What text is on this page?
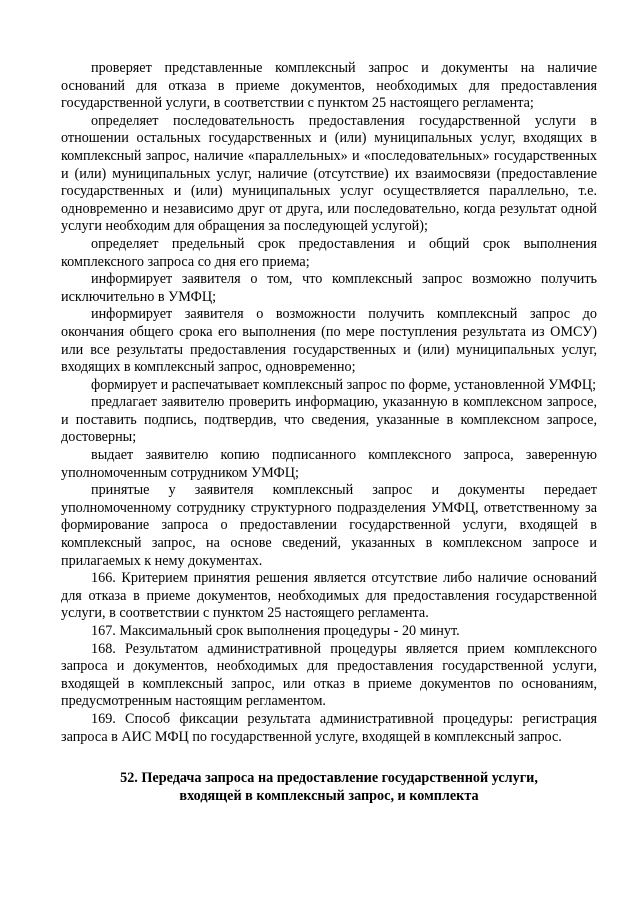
проверяет представленные комплексный запрос и документы на наличие оснований для отказа в приеме документов, необходимых для предоставления государственной услуги, в соответствии с пунктом 25 настоящего регламента;

определяет последовательность предоставления государственной услуги в отношении остальных государственных и (или) муниципальных услуг, входящих в комплексный запрос, наличие «параллельных» и «последовательных» государственных и (или) муниципальных услуг, наличие (отсутствие) их взаимосвязи (предоставление государственных и (или) муниципальных услуг осуществляется параллельно, т.е. одновременно и независимо друг от друга, или последовательно, когда результат одной услуги необходим для обращения за последующей услугой);

определяет предельный срок предоставления и общий срок выполнения комплексного запроса со дня его приема;

информирует заявителя о том, что комплексный запрос возможно получить исключительно в УМФЦ;

информирует заявителя о возможности получить комплексный запрос до окончания общего срока его выполнения (по мере поступления результата из ОМСУ) или все результаты предоставления государственных и (или) муниципальных услуг, входящих в комплексный запрос, одновременно;

формирует и распечатывает комплексный запрос по форме, установленной УМФЦ;

предлагает заявителю проверить информацию, указанную в комплексном запросе, и поставить подпись, подтвердив, что сведения, указанные в комплексном запросе, достоверны;

выдает заявителю копию подписанного комплексного запроса, заверенную уполномоченным сотрудником УМФЦ;

принятые у заявителя комплексный запрос и документы передает уполномоченному сотруднику структурного подразделения УМФЦ, ответственному за формирование запроса о предоставлении государственной услуги, входящей в комплексный запрос, на основе сведений, указанных в комплексном запросе и прилагаемых к нему документах.

166. Критерием принятия решения является отсутствие либо наличие оснований для отказа в приеме документов, необходимых для предоставления государственной услуги, в соответствии с пунктом 25 настоящего регламента.

167. Максимальный срок выполнения процедуры - 20 минут.

168. Результатом административной процедуры является прием комплексного запроса и документов, необходимых для предоставления государственной услуги, входящей в комплексный запрос, или отказ в приеме документов по основаниям, предусмотренным настоящим регламентом.

169. Способ фиксации результата административной процедуры: регистрация запроса в АИС МФЦ по государственной услуге, входящей в комплексный запрос.

52. Передача запроса на предоставление государственной услуги, входящей в комплексный запрос, и комплекта
